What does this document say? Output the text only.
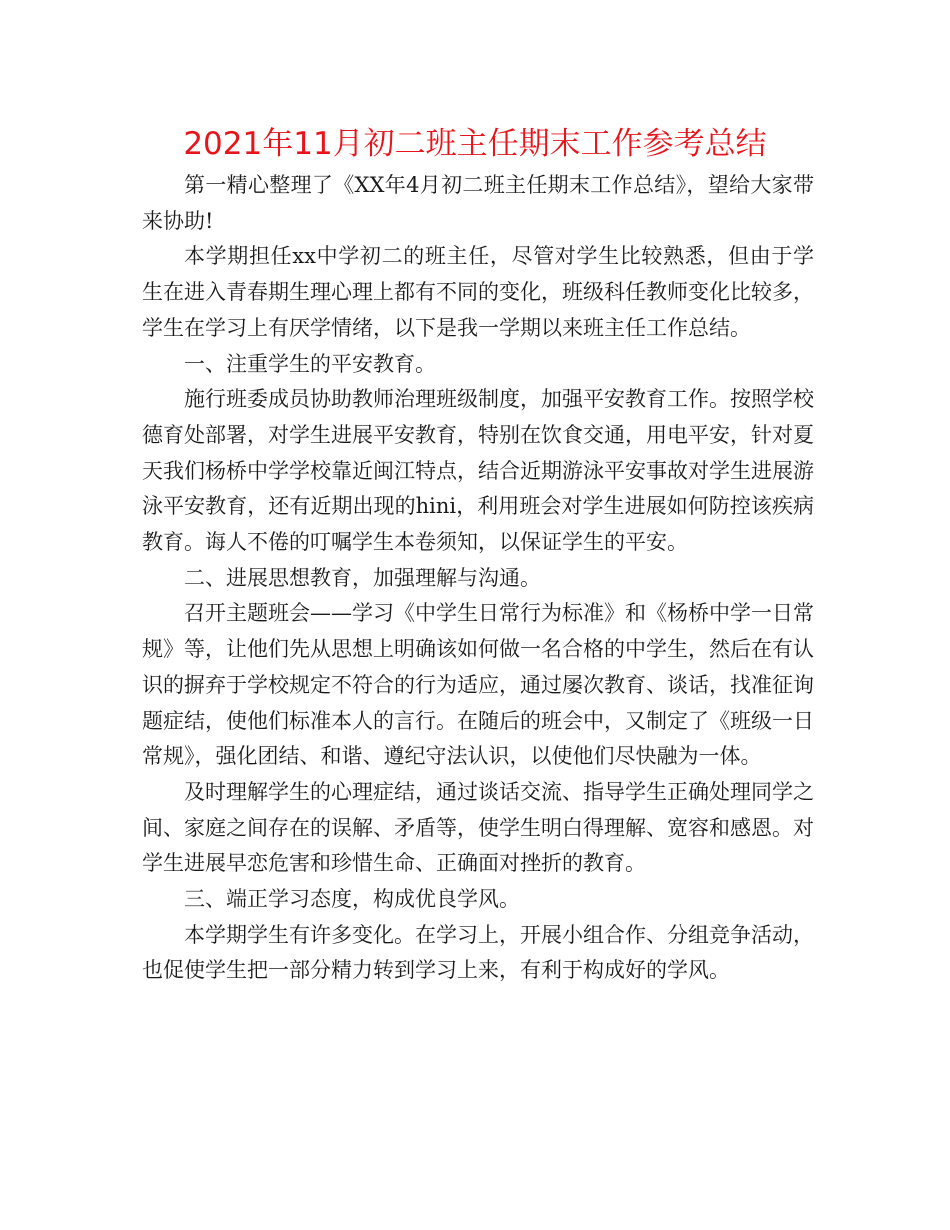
2021年11月初二班主任期末工作参考总结

第一精心整理了《XX年4月初二班主任期末工作总结》，望给大家带来协助!

本学期担任xx中学初二的班主任，尽管对学生比较熟悉，但由于学生在进入青春期生理心理上都有不同的变化，班级科任教师变化比较多，学生在学习上有厌学情绪，以下是我一学期以来班主任工作总结。

一、注重学生的平安教育。

施行班委成员协助教师治理班级制度，加强平安教育工作。按照学校德育处部署，对学生进展平安教育，特别在饮食交通，用电平安，针对夏天我们杨桥中学学校靠近闽江特点，结合近期游泳平安事故对学生进展游泳平安教育，还有近期出现的hini，利用班会对学生进展如何防控该疾病教育。诲人不倦的叮嘱学生本卷须知，以保证学生的平安。

二、进展思想教育，加强理解与沟通。

召开主题班会——学习《中学生日常行为标准》和《杨桥中学一日常规》等，让他们先从思想上明确该如何做一名合格的中学生，然后在有认识的摒弃于学校规定不符合的行为适应，通过屡次教育、谈话，找准征询题症结，使他们标准本人的言行。在随后的班会中，又制定了《班级一日常规》，强化团结、和谐、遵纪守法认识，以使他们尽快融为一体。

及时理解学生的心理症结，通过谈话交流、指导学生正确处理同学之间、家庭之间存在的误解、矛盾等，使学生明白得理解、宽容和感恩。对学生进展早恋危害和珍惜生命、正确面对挫折的教育。

三、端正学习态度，构成优良学风。

本学期学生有许多变化。在学习上，开展小组合作、分组竞争活动，也促使学生把一部分精力转到学习上来，有利于构成好的学风。
